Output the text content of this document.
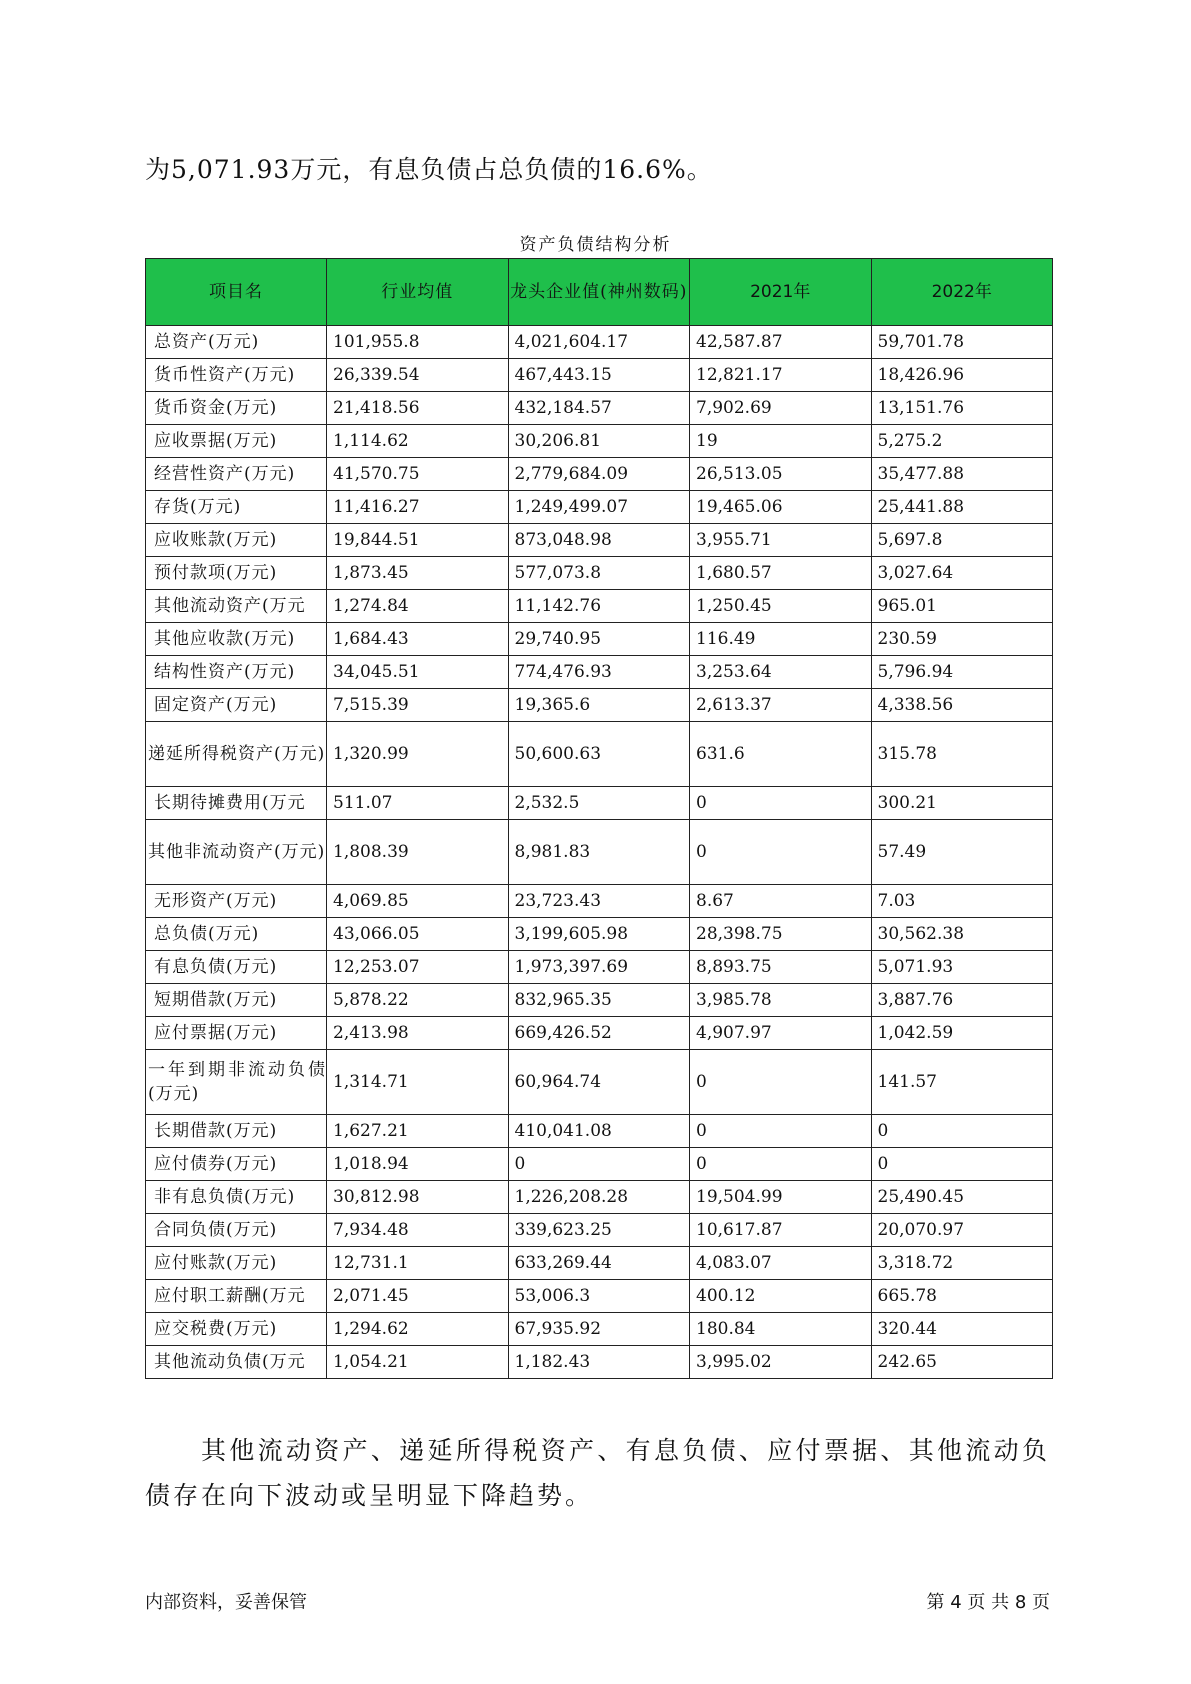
为5,071.93万元，有息负债占总负债的16.6%。
资产负债结构分析
项目名	行业均值	龙头企业值(神州数码)	2021年	2022年
总资产(万元)	101,955.8	4,021,604.17	42,587.87	59,701.78
货币性资产(万元)	26,339.54	467,443.15	12,821.17	18,426.96
货币资金(万元)	21,418.56	432,184.57	7,902.69	13,151.76
应收票据(万元)	1,114.62	30,206.81	19	5,275.2
经营性资产(万元)	41,570.75	2,779,684.09	26,513.05	35,477.88
存货(万元)	11,416.27	1,249,499.07	19,465.06	25,441.88
应收账款(万元)	19,844.51	873,048.98	3,955.71	5,697.8
预付款项(万元)	1,873.45	577,073.8	1,680.57	3,027.64
其他流动资产(万元	1,274.84	11,142.76	1,250.45	965.01
其他应收款(万元)	1,684.43	29,740.95	116.49	230.59
结构性资产(万元)	34,045.51	774,476.93	3,253.64	5,796.94
固定资产(万元)	7,515.39	19,365.6	2,613.37	4,338.56
递延所得税资产(万元)	1,320.99	50,600.63	631.6	315.78
长期待摊费用(万元	511.07	2,532.5	0	300.21
其他非流动资产(万元)	1,808.39	8,981.83	0	57.49
无形资产(万元)	4,069.85	23,723.43	8.67	7.03
总负债(万元)	43,066.05	3,199,605.98	28,398.75	30,562.38
有息负债(万元)	12,253.07	1,973,397.69	8,893.75	5,071.93
短期借款(万元)	5,878.22	832,965.35	3,985.78	3,887.76
应付票据(万元)	2,413.98	669,426.52	4,907.97	1,042.59
一年到期非流动负债(万元)	1,314.71	60,964.74	0	141.57
长期借款(万元)	1,627.21	410,041.08	0	0
应付债券(万元)	1,018.94	0	0	0
非有息负债(万元)	30,812.98	1,226,208.28	19,504.99	25,490.45
合同负债(万元)	7,934.48	339,623.25	10,617.87	20,070.97
应付账款(万元)	12,731.1	633,269.44	4,083.07	3,318.72
应付职工薪酬(万元	2,071.45	53,006.3	400.12	665.78
应交税费(万元)	1,294.62	67,935.92	180.84	320.44
其他流动负债(万元	1,054.21	1,182.43	3,995.02	242.65
其他流动资产、递延所得税资产、有息负债、应付票据、其他流动负债存在向下波动或呈明显下降趋势。
内部资料，妥善保管	第 4 页 共 8 页
